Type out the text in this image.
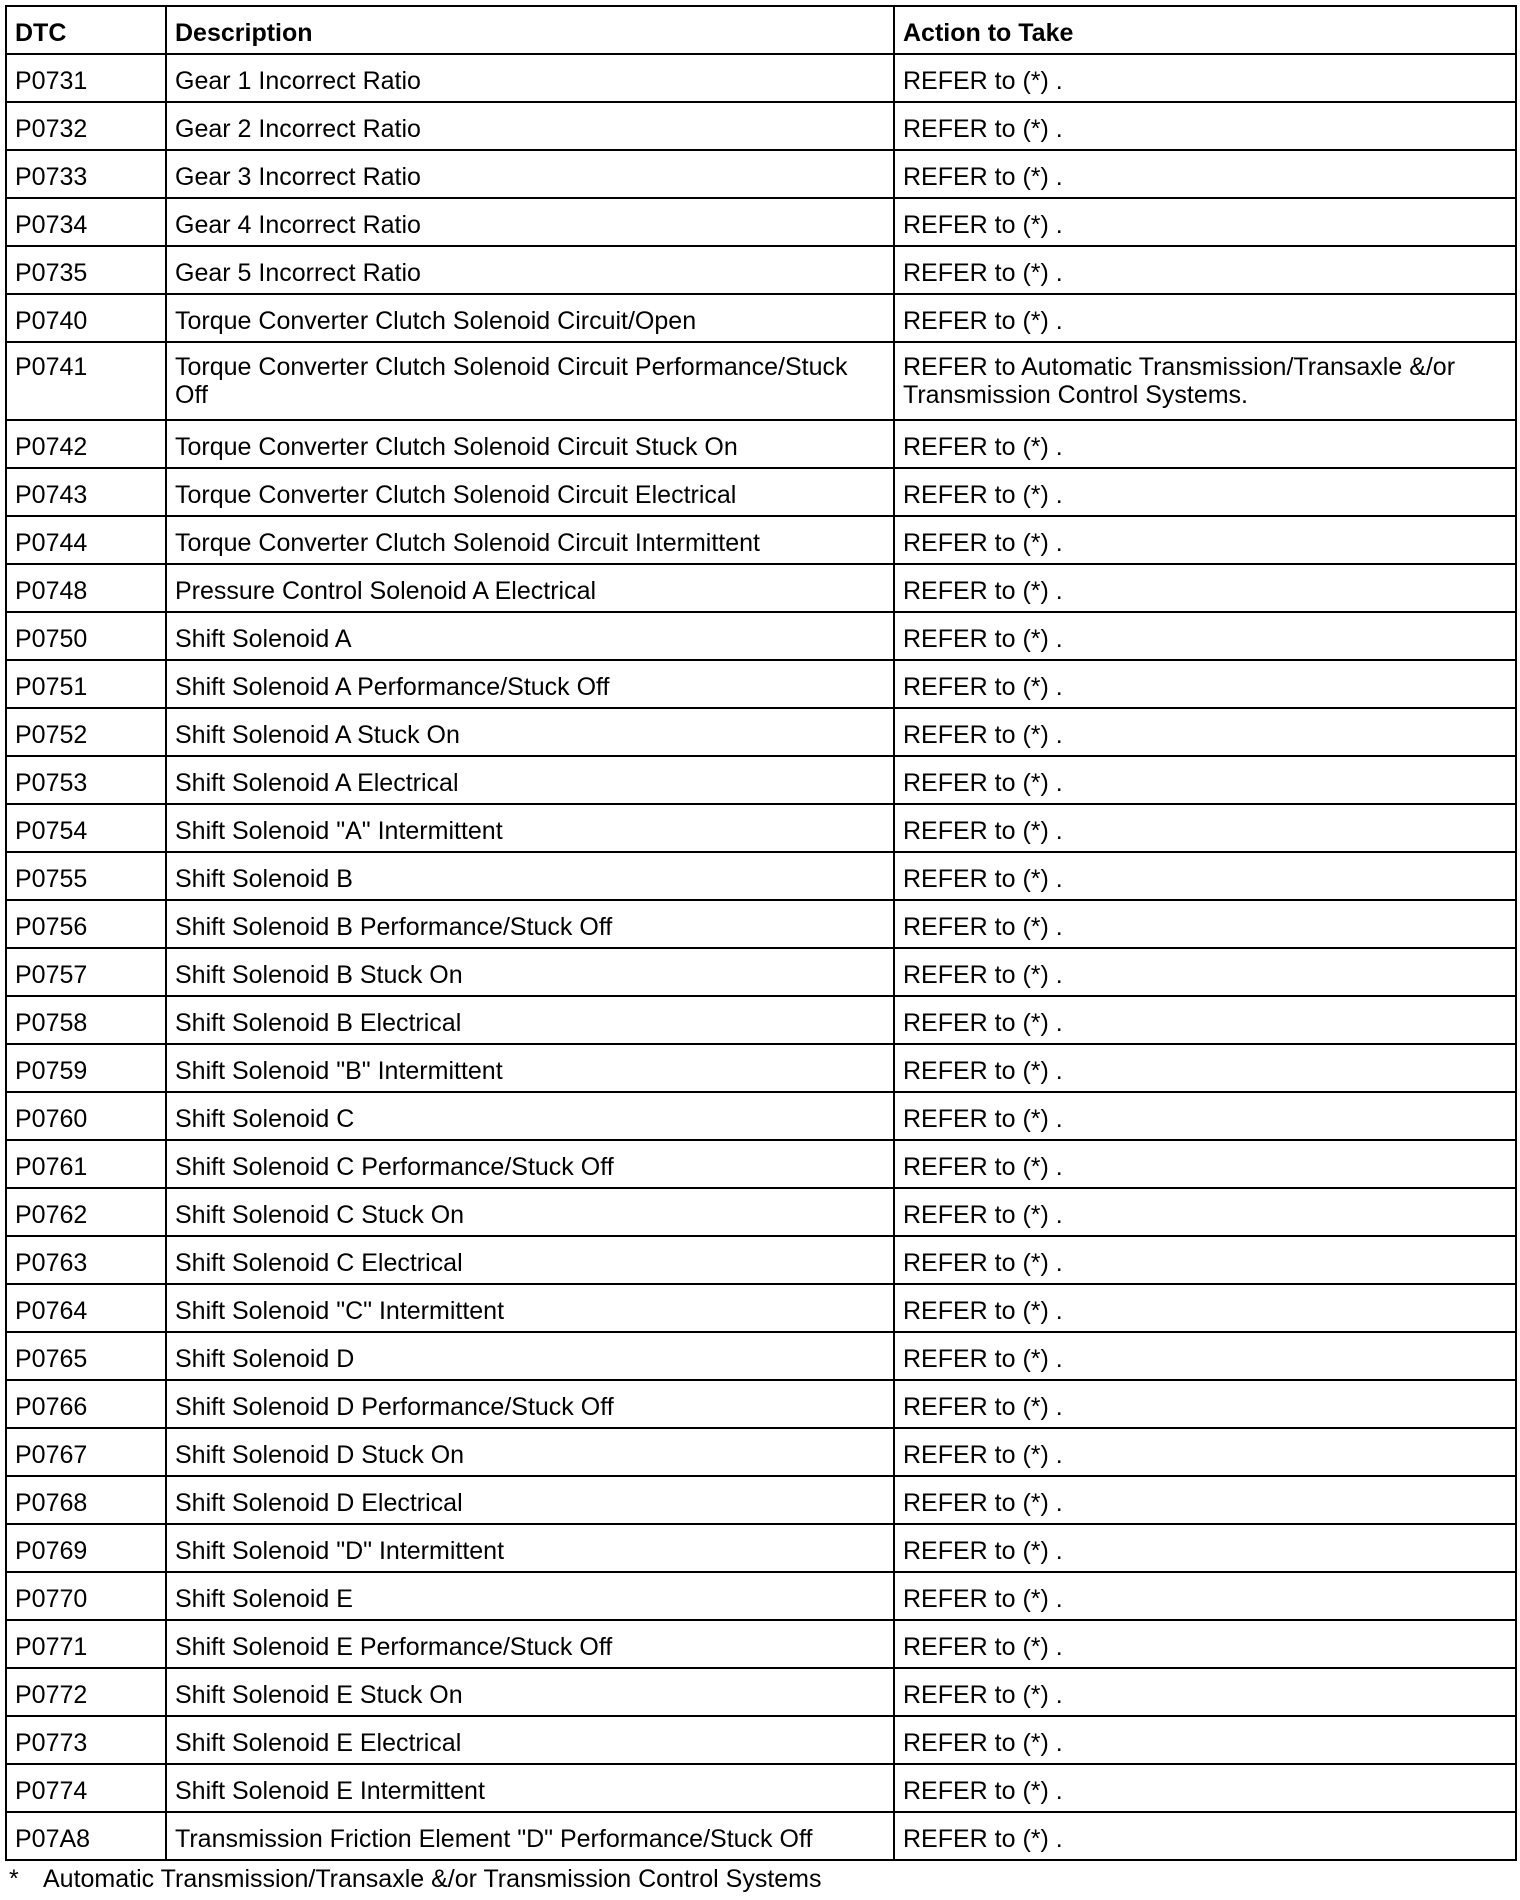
DTC	Description	Action to Take
P0731	Gear 1 Incorrect Ratio	REFER to (*) .
P0732	Gear 2 Incorrect Ratio	REFER to (*) .
P0733	Gear 3 Incorrect Ratio	REFER to (*) .
P0734	Gear 4 Incorrect Ratio	REFER to (*) .
P0735	Gear 5 Incorrect Ratio	REFER to (*) .
P0740	Torque Converter Clutch Solenoid Circuit/Open	REFER to (*) .
P0741	Torque Converter Clutch Solenoid Circuit Performance/Stuck Off	REFER to Automatic Transmission/Transaxle &/or Transmission Control Systems.
P0742	Torque Converter Clutch Solenoid Circuit Stuck On	REFER to (*) .
P0743	Torque Converter Clutch Solenoid Circuit Electrical	REFER to (*) .
P0744	Torque Converter Clutch Solenoid Circuit Intermittent	REFER to (*) .
P0748	Pressure Control Solenoid A Electrical	REFER to (*) .
P0750	Shift Solenoid A	REFER to (*) .
P0751	Shift Solenoid A Performance/Stuck Off	REFER to (*) .
P0752	Shift Solenoid A Stuck On	REFER to (*) .
P0753	Shift Solenoid A Electrical	REFER to (*) .
P0754	Shift Solenoid "A" Intermittent	REFER to (*) .
P0755	Shift Solenoid B	REFER to (*) .
P0756	Shift Solenoid B Performance/Stuck Off	REFER to (*) .
P0757	Shift Solenoid B Stuck On	REFER to (*) .
P0758	Shift Solenoid B Electrical	REFER to (*) .
P0759	Shift Solenoid "B" Intermittent	REFER to (*) .
P0760	Shift Solenoid C	REFER to (*) .
P0761	Shift Solenoid C Performance/Stuck Off	REFER to (*) .
P0762	Shift Solenoid C Stuck On	REFER to (*) .
P0763	Shift Solenoid C Electrical	REFER to (*) .
P0764	Shift Solenoid "C" Intermittent	REFER to (*) .
P0765	Shift Solenoid D	REFER to (*) .
P0766	Shift Solenoid D Performance/Stuck Off	REFER to (*) .
P0767	Shift Solenoid D Stuck On	REFER to (*) .
P0768	Shift Solenoid D Electrical	REFER to (*) .
P0769	Shift Solenoid "D" Intermittent	REFER to (*) .
P0770	Shift Solenoid E	REFER to (*) .
P0771	Shift Solenoid E Performance/Stuck Off	REFER to (*) .
P0772	Shift Solenoid E Stuck On	REFER to (*) .
P0773	Shift Solenoid E Electrical	REFER to (*) .
P0774	Shift Solenoid E Intermittent	REFER to (*) .
P07A8	Transmission Friction Element "D" Performance/Stuck Off	REFER to (*) .
* Automatic Transmission/Transaxle &/or Transmission Control Systems
